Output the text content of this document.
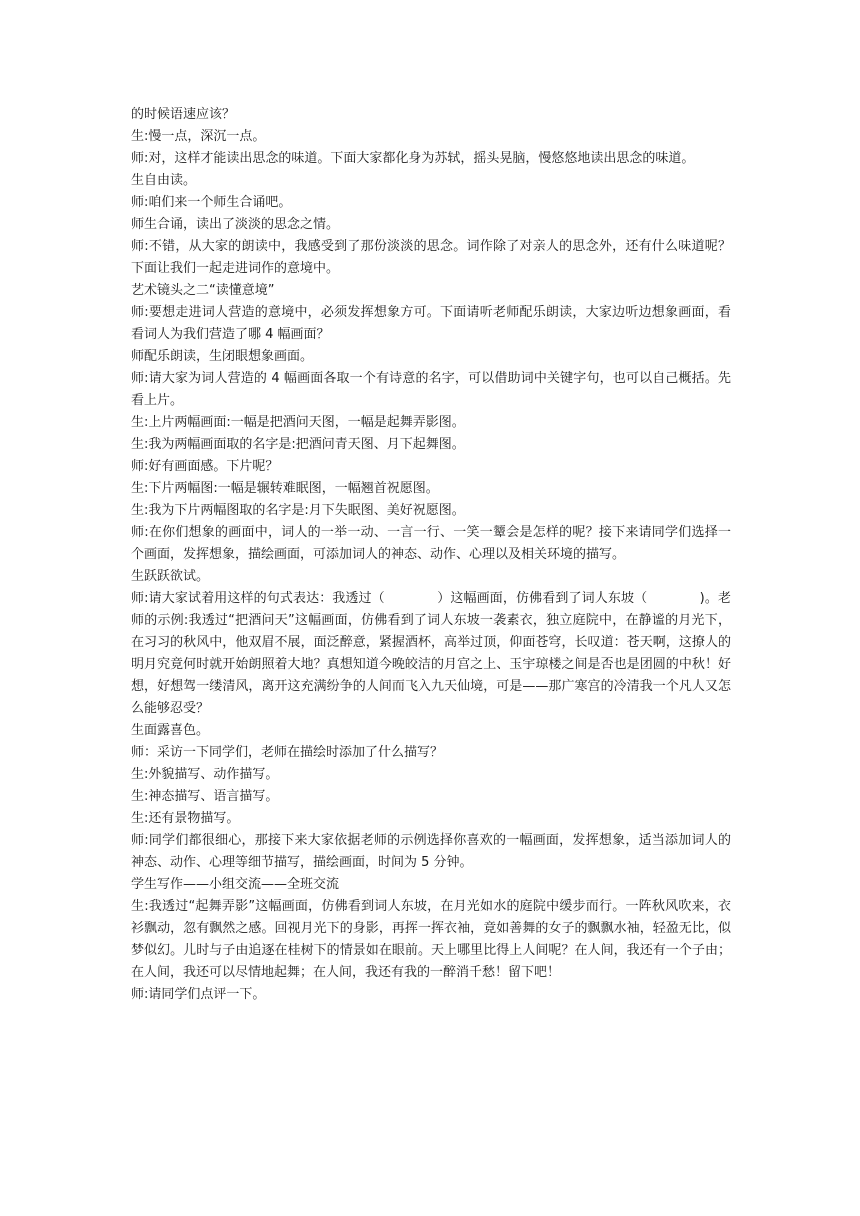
的时候语速应该？

生:慢一点，深沉一点。

师:对，这样才能读出思念的味道。下面大家都化身为苏轼，摇头晃脑，慢悠悠地读出思念的味道。

生自由读。

师:咱们来一个师生合诵吧。

师生合诵，读出了淡淡的思念之情。

师:不错，从大家的朗读中，我感受到了那份淡淡的思念。词作除了对亲人的思念外，还有什么味道呢？下面让我们一起走进词作的意境中。

艺术镜头之二“读懂意境”

师:要想走进词人营造的意境中，必须发挥想象方可。下面请听老师配乐朗读，大家边听边想象画面，看看词人为我们营造了哪 4 幅画面？

师配乐朗读，生闭眼想象画面。

师:请大家为词人营造的 4 幅画面各取一个有诗意的名字，可以借助词中关键字句，也可以自己概括。先看上片。

生:上片两幅画面:一幅是把酒问天图，一幅是起舞弄影图。

生:我为两幅画面取的名字是:把酒问青天图、月下起舞图。

师:好有画面感。下片呢？

生:下片两幅图:一幅是辗转难眠图，一幅翘首祝愿图。

生:我为下片两幅图取的名字是:月下失眠图、美好祝愿图。

师:在你们想象的画面中，词人的一举一动、一言一行、一笑一颦会是怎样的呢？接下来请同学们选择一个画面，发挥想象，描绘画面，可添加词人的神态、动作、心理以及相关环境的描写。

生跃跃欲试。

师:请大家试着用这样的句式表达：我透过（　　　　）这幅画面，仿佛看到了词人东坡（　　　　)。老师的示例:我透过“把酒问天”这幅画面，仿佛看到了词人东坡一袭素衣，独立庭院中，在静谧的月光下，在习习的秋风中，他双眉不展，面泛醉意，紧握酒杯，高举过顶，仰面苍穹，长叹道：苍天啊，这撩人的明月究竟何时就开始朗照着大地？真想知道今晚皎洁的月宫之上、玉宇琼楼之间是否也是团圆的中秋！好想，好想驾一缕清风，离开这充满纷争的人间而飞入九天仙境，可是——那广寒宫的冷清我一个凡人又怎么能够忍受？

生面露喜色。

师：采访一下同学们，老师在描绘时添加了什么描写？

生:外貌描写、动作描写。

生:神态描写、语言描写。

生:还有景物描写。

师:同学们都很细心，那接下来大家依据老师的示例选择你喜欢的一幅画面，发挥想象，适当添加词人的神态、动作、心理等细节描写，描绘画面，时间为 5 分钟。

学生写作——小组交流——全班交流

生:我透过“起舞弄影”这幅画面，仿佛看到词人东坡，在月光如水的庭院中缓步而行。一阵秋风吹来，衣衫飘动，忽有飘然之感。回视月光下的身影，再挥一挥衣袖，竟如善舞的女子的飘飘水袖，轻盈无比，似梦似幻。儿时与子由追逐在桂树下的情景如在眼前。天上哪里比得上人间呢？在人间，我还有一个子由；在人间，我还可以尽情地起舞；在人间，我还有我的一醉消千愁！留下吧！

师:请同学们点评一下。
